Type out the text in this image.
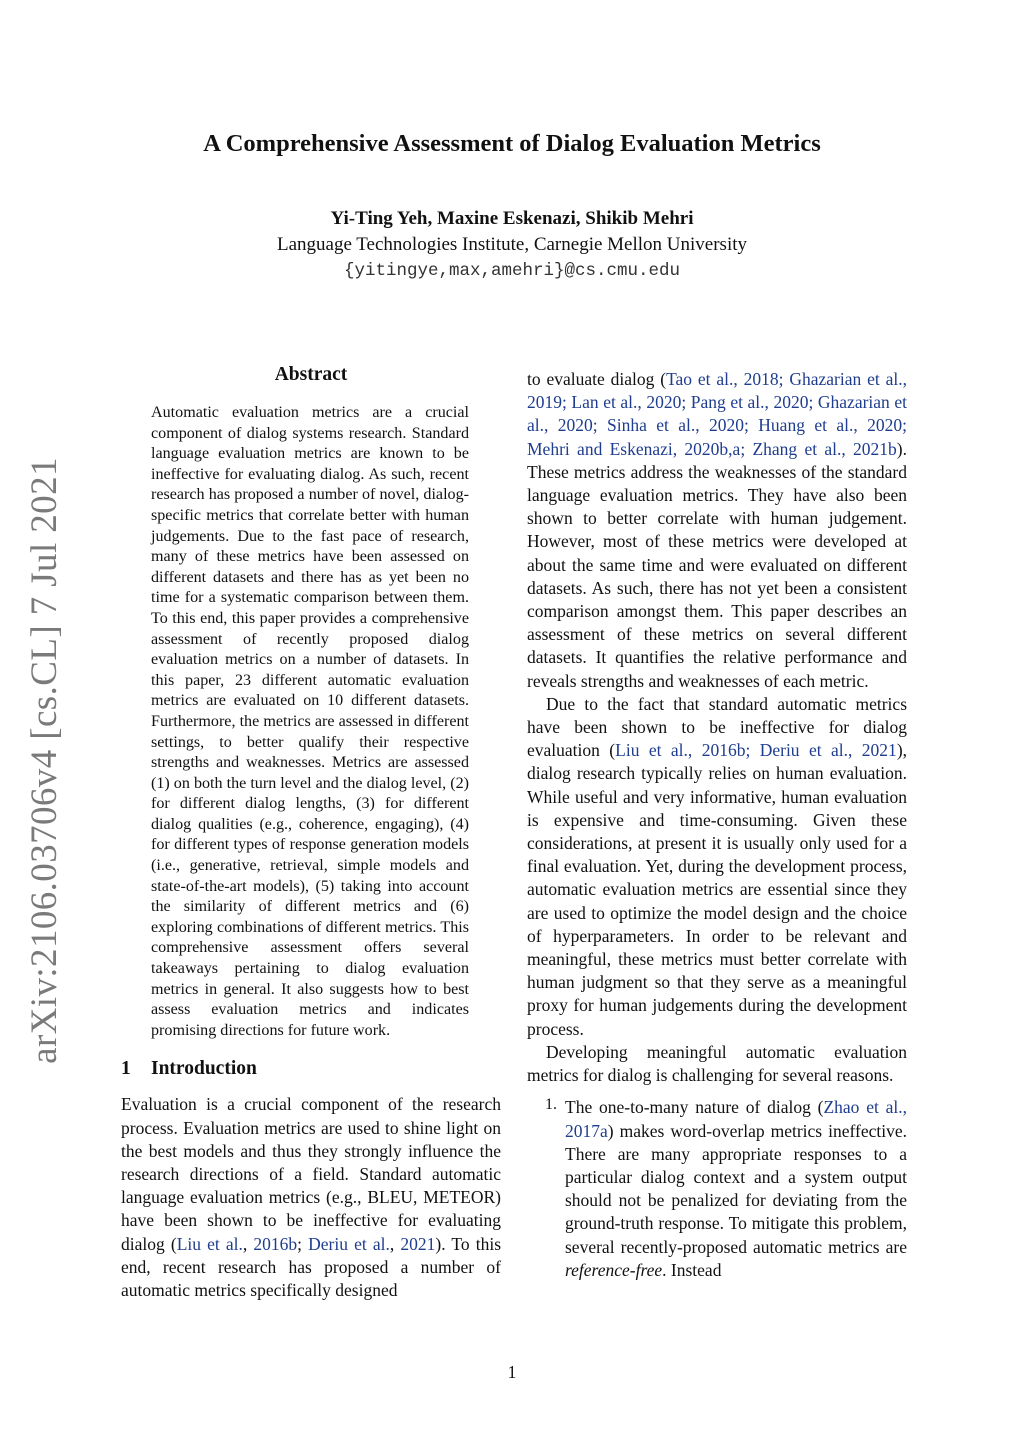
arXiv:2106.03706v4 [cs.CL] 7 Jul 2021
A Comprehensive Assessment of Dialog Evaluation Metrics
Yi-Ting Yeh, Maxine Eskenazi, Shikib Mehri
Language Technologies Institute, Carnegie Mellon University
{yitingye,max,amehri}@cs.cmu.edu
Abstract

Automatic evaluation metrics are a crucial component of dialog systems research. Standard language evaluation metrics are known to be ineffective for evaluating dialog. As such, recent research has proposed a number of novel, dialog-specific metrics that correlate better with human judgements. Due to the fast pace of research, many of these metrics have been assessed on different datasets and there has as yet been no time for a systematic comparison between them. To this end, this paper provides a comprehensive assessment of recently proposed dialog evaluation metrics on a number of datasets. In this paper, 23 different automatic evaluation metrics are evaluated on 10 different datasets. Furthermore, the metrics are assessed in different settings, to better qualify their respective strengths and weaknesses. Metrics are assessed (1) on both the turn level and the dialog level, (2) for different dialog lengths, (3) for different dialog qualities (e.g., coherence, engaging), (4) for different types of response generation models (i.e., generative, retrieval, simple models and state-of-the-art models), (5) taking into account the similarity of different metrics and (6) exploring combinations of different metrics. This comprehensive assessment offers several takeaways pertaining to dialog evaluation metrics in general. It also suggests how to best assess evaluation metrics and indicates promising directions for future work.

1 Introduction

Evaluation is a crucial component of the research process. Evaluation metrics are used to shine light on the best models and thus they strongly influence the research directions of a field. Standard automatic language evaluation metrics (e.g., BLEU, METEOR) have been shown to be ineffective for evaluating dialog (Liu et al., 2016b; Deriu et al., 2021). To this end, recent research has proposed a number of automatic metrics specifically designed

to evaluate dialog (Tao et al., 2018; Ghazarian et al., 2019; Lan et al., 2020; Pang et al., 2020; Ghazarian et al., 2020; Sinha et al., 2020; Huang et al., 2020; Mehri and Eskenazi, 2020b,a; Zhang et al., 2021b). These metrics address the weaknesses of the standard language evaluation metrics. They have also been shown to better correlate with human judgement. However, most of these metrics were developed at about the same time and were evaluated on different datasets. As such, there has not yet been a consistent comparison amongst them. This paper describes an assessment of these metrics on several different datasets. It quantifies the relative performance and reveals strengths and weaknesses of each metric.

Due to the fact that standard automatic metrics have been shown to be ineffective for dialog evaluation (Liu et al., 2016b; Deriu et al., 2021), dialog research typically relies on human evaluation. While useful and very informative, human evaluation is expensive and time-consuming. Given these considerations, at present it is usually only used for a final evaluation. Yet, during the development process, automatic evaluation metrics are essential since they are used to optimize the model design and the choice of hyperparameters. In order to be relevant and meaningful, these metrics must better correlate with human judgment so that they serve as a meaningful proxy for human judgements during the development process.

Developing meaningful automatic evaluation metrics for dialog is challenging for several reasons.

1. The one-to-many nature of dialog (Zhao et al., 2017a) makes word-overlap metrics ineffective. There are many appropriate responses to a particular dialog context and a system output should not be penalized for deviating from the ground-truth response. To mitigate this problem, several recently-proposed automatic metrics are reference-free. Instead
1
